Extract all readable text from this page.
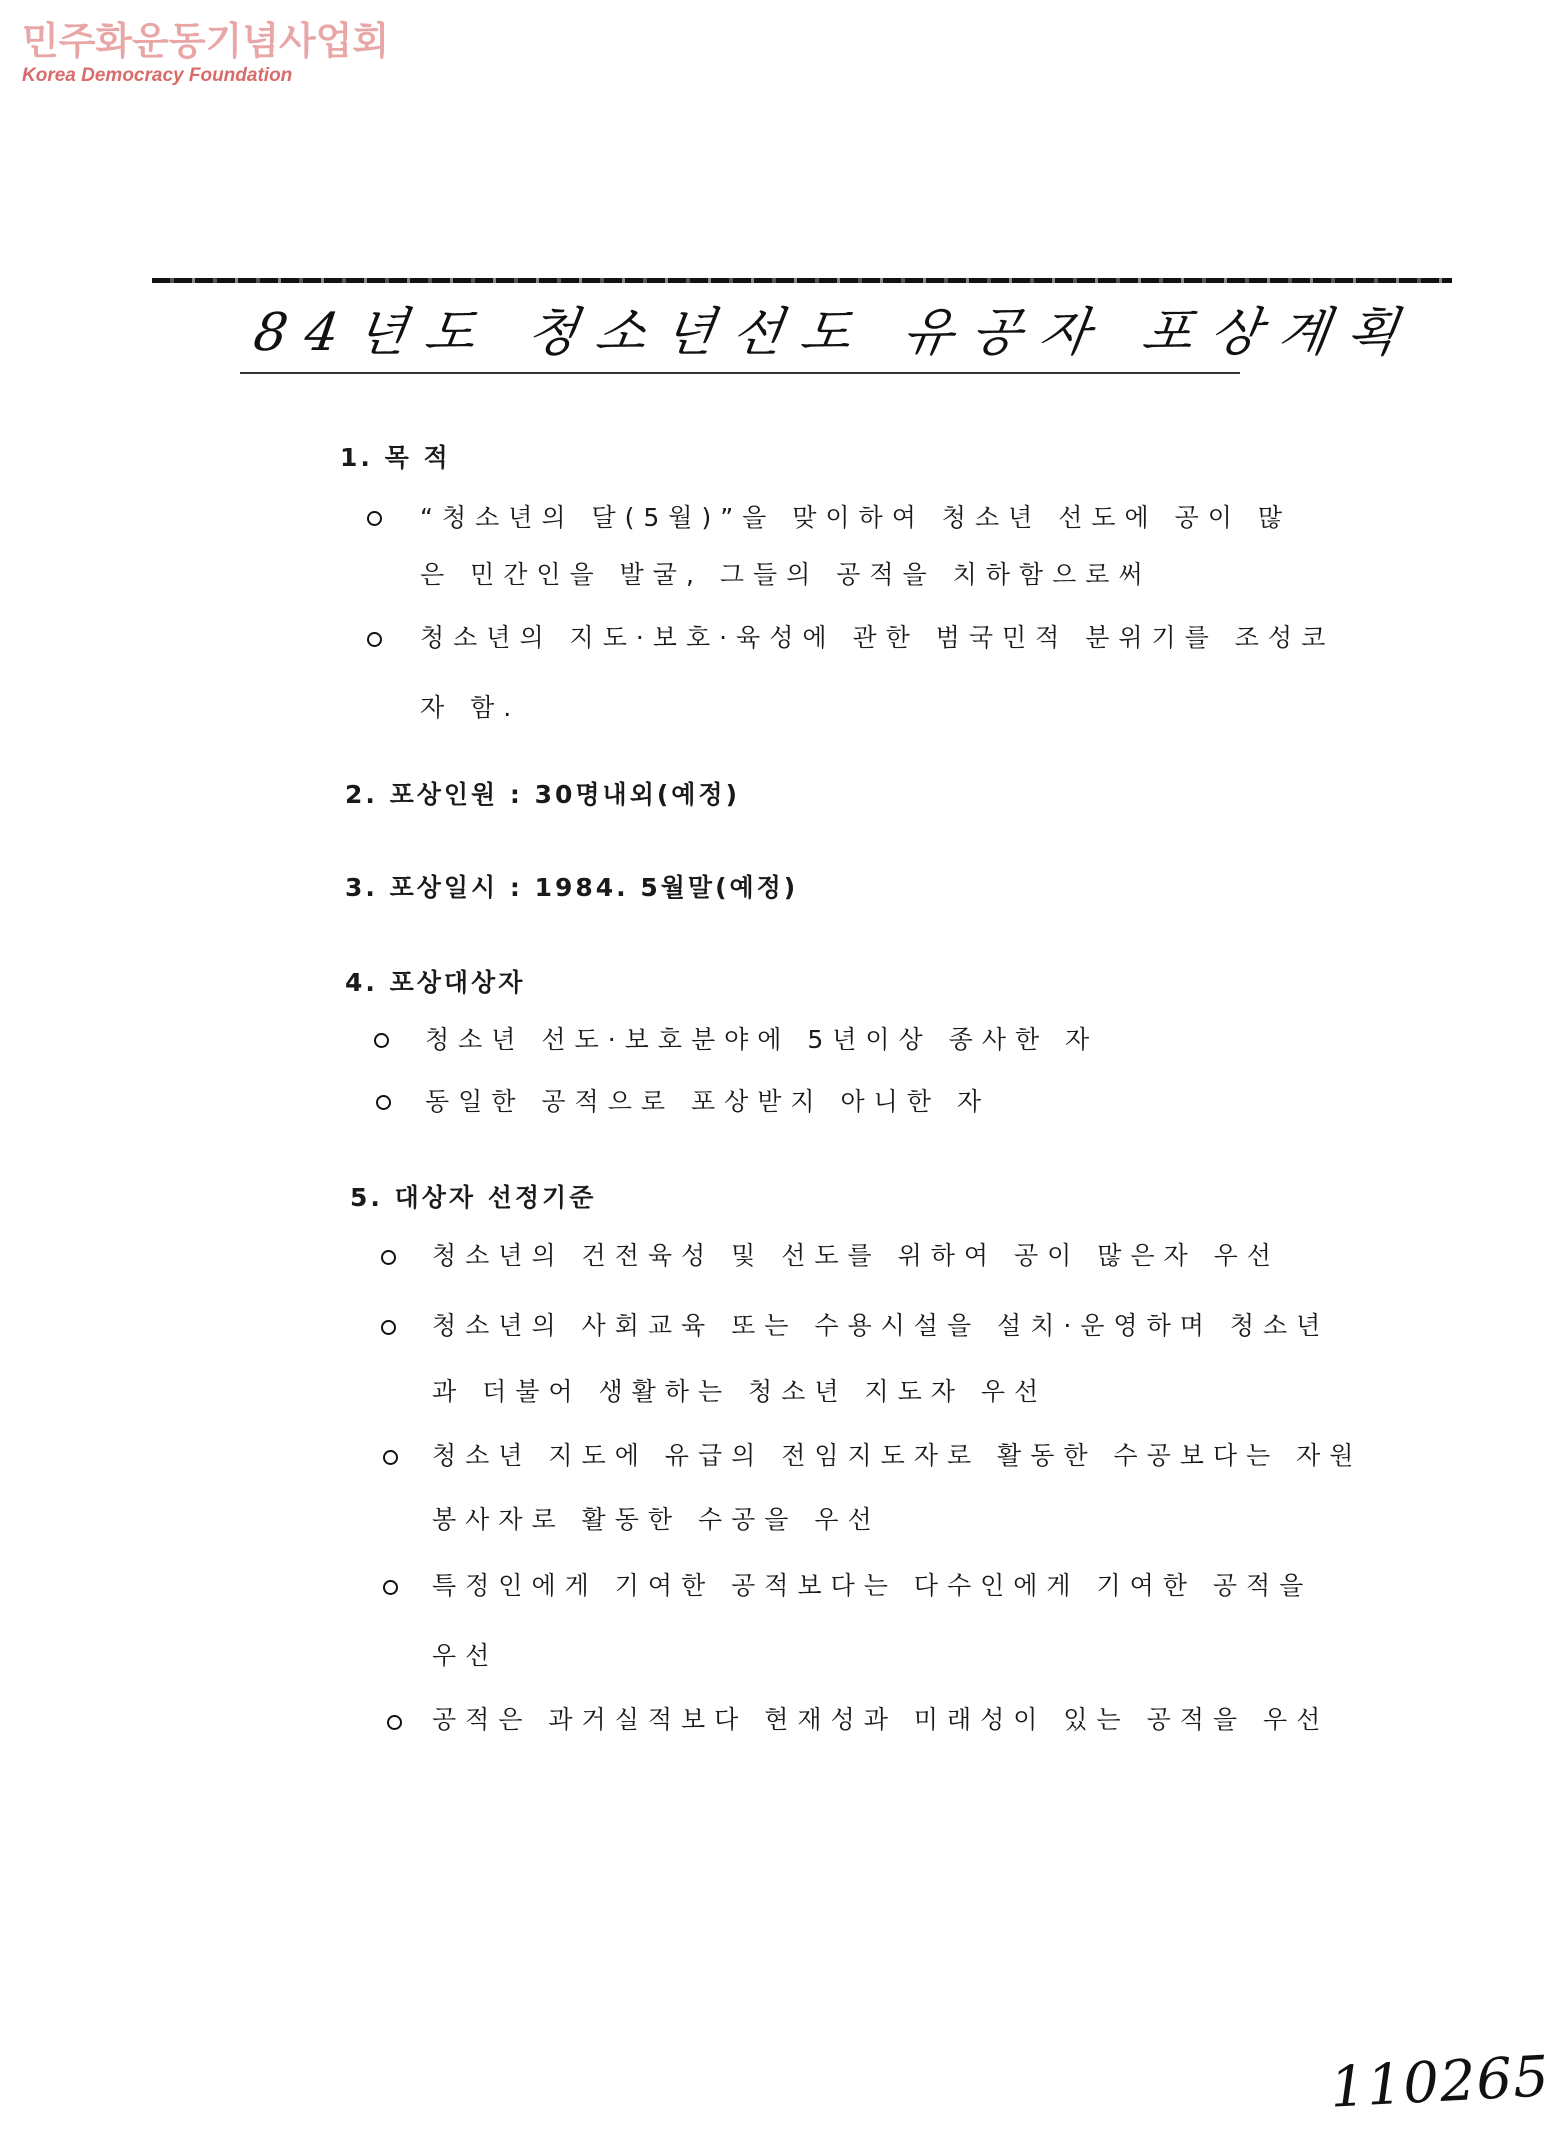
민주화운동기념사업회
Korea Democracy Foundation
84년도 청소년선도 유공자 포상계획
1. 목 적
“청소년의 달(5월)”을 맞이하여 청소년 선도에 공이 많
은 민간인을 발굴, 그들의 공적을 치하함으로써
청소년의 지도·보호·육성에 관한 범국민적 분위기를 조성코
자 함.
2. 포상인원 : 30명내외(예정)
3. 포상일시 : 1984. 5월말(예정)
4. 포상대상자
청소년 선도·보호분야에 5년이상 종사한 자
동일한 공적으로 포상받지 아니한 자
5. 대상자 선정기준
청소년의 건전육성 및 선도를 위하여 공이 많은자 우선
청소년의 사회교육 또는 수용시설을 설치·운영하며 청소년
과 더불어 생활하는 청소년 지도자 우선
청소년 지도에 유급의 전임지도자로 활동한 수공보다는 자원
봉사자로 활동한 수공을 우선
특정인에게 기여한 공적보다는 다수인에게 기여한 공적을
우선
공적은 과거실적보다 현재성과 미래성이 있는 공적을 우선
110265
